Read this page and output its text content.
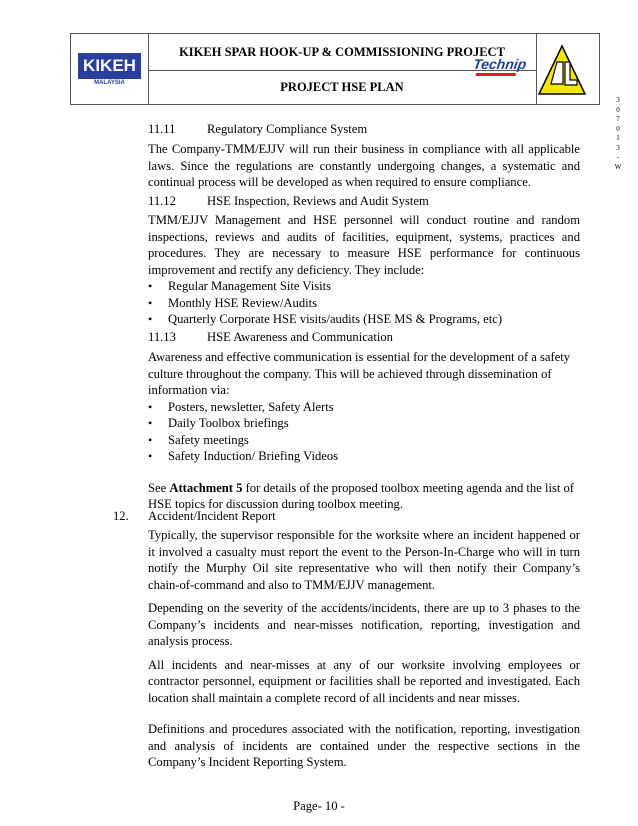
KIKEH
MALAYSIA
KIKEH SPAR HOOK-UP & COMMISSIONING PROJECT
PROJECT HSE PLAN
Technip
3
0
7
0
1
3
-
W
11.11	Regulatory Compliance System

The Company-TMM/EJJV will run their business in compliance with all applicable laws. Since the regulations are constantly undergoing changes, a systematic and continual process will be developed as when required to ensure compliance.

11.12 HSE Inspection, Reviews and Audit System

TMM/EJJV Management and HSE personnel will conduct routine and random inspections, reviews and audits of facilities, equipment, systems, practices and procedures. They are necessary to measure HSE performance for continuous improvement and rectify any deficiency. They include:

• Regular Management Site Visits
• Monthly HSE Review/Audits
• Quarterly Corporate HSE visits/audits (HSE MS & Programs, etc)
11.13 HSE Awareness and Communication

Awareness and effective communication is essential for the development of a safety culture throughout the company. This will be achieved through dissemination of information via:

• Posters, newsletter, Safety Alerts
• Daily Toolbox briefings
• Safety meetings
• Safety Induction/ Briefing Videos

See Attachment 5 for details of the proposed toolbox meeting agenda and the list of HSE topics for discussion during toolbox meeting.

12. Accident/Incident Report

Typically, the supervisor responsible for the worksite where an incident happened or it involved a casualty must report the event to the Person-In-Charge who will in turn notify the Murphy Oil site representative who will then notify their Company’s chain-of-command and also to TMM/EJJV management.

Depending on the severity of the accidents/incidents, there are up to 3 phases to the Company’s incidents and near-misses notification, reporting, investigation and analysis process.

All incidents and near-misses at any of our worksite involving employees or contractor personnel, equipment or facilities shall be reported and investigated. Each location shall maintain a complete record of all incidents and near misses.

Definitions and procedures associated with the notification, reporting, investigation and analysis of incidents are contained under the respective sections in the Company’s Incident Reporting System.

Page- 10 -
